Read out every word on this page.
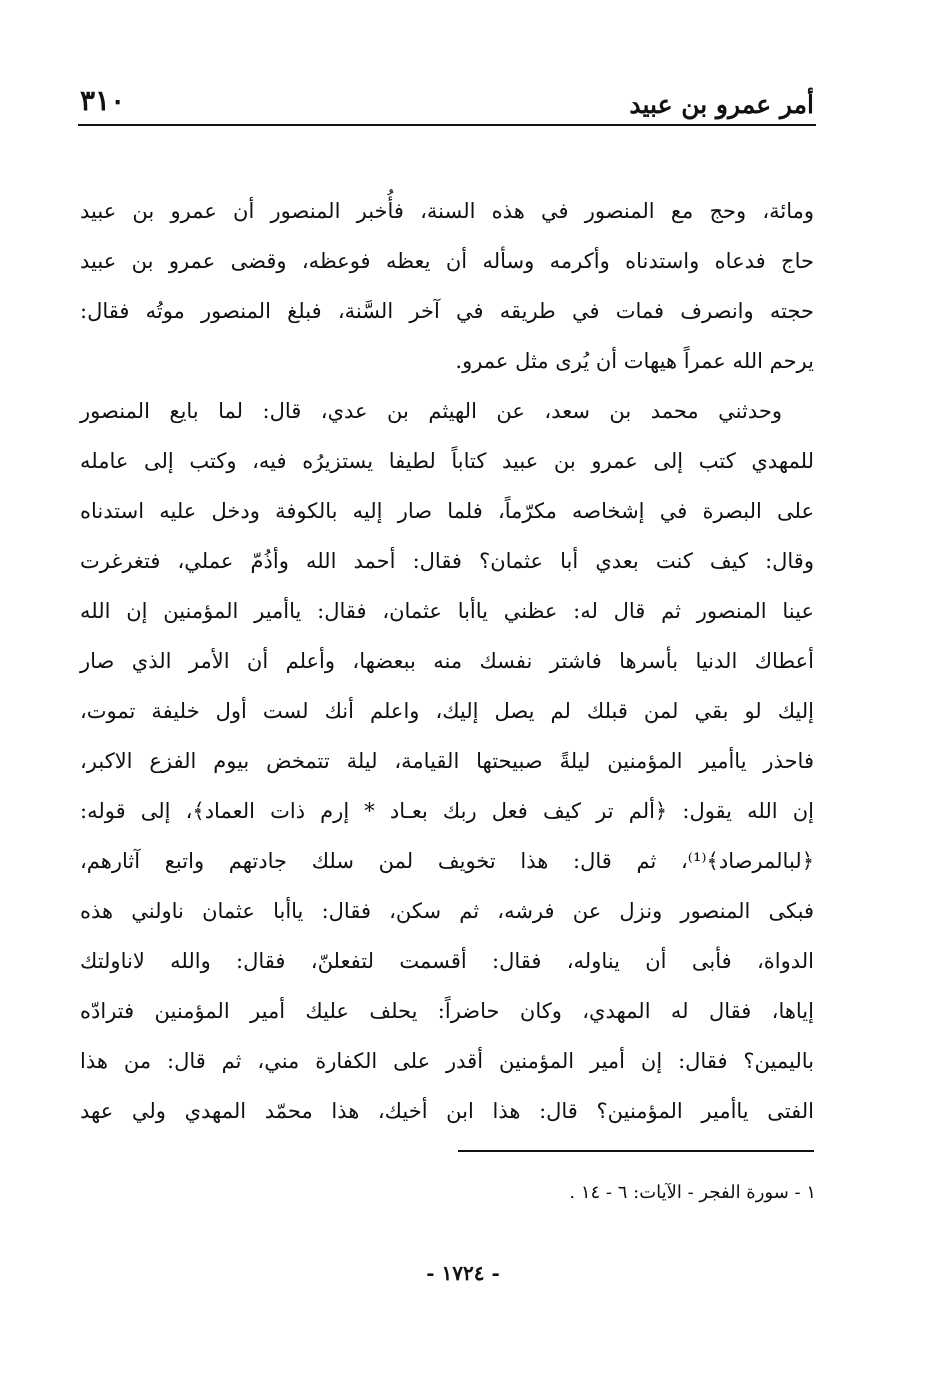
أمر عمرو بن عبيد
٣١٠
ومائة، وحج مع المنصور في هذه السنة، فأُخبر المنصور أن عمرو بن عبيد
حاج فدعاه واستدناه وأكرمه وسأله أن يعظه فوعظه، وقضى عمرو بن عبيد
حجته وانصرف فمات في طريقه في آخر السَّنة، فبلغ المنصور موتُه فقال:
يرحم الله عمراً هيهات أن يُرى مثل عمرو.
وحدثني محمد بن سعد، عن الهيثم بن عدي، قال: لما بايع المنصور
للمهدي كتب إلى عمرو بن عبيد كتاباً لطيفا يستزيرُه فيه، وكتب إلى عامله
على البصرة في إشخاصه مكرّماً، فلما صار إليه بالكوفة ودخل عليه استدناه
وقال: كيف كنت بعدي أبا عثمان؟ فقال: أحمد الله وأذُمّ عملي، فتغرغرت
عينا المنصور ثم قال له: عظني ياأبا عثمان، فقال: ياأمير المؤمنين إن الله
أعطاك الدنيا بأسرها فاشتر نفسك منه ببعضها، وأعلم أن الأمر الذي صار
إليك لو بقي لمن قبلك لم يصل إليك، واعلم أنك لست أول خليفة تموت،
فاحذر ياأمير المؤمنين ليلةً صبيحتها القيامة، ليلة تتمخض بيوم الفزع الاكبر،
إن الله يقول: ﴿ألم تر كيف فعل ربك بعـاد * إرم ذات العماد﴾، إلى قوله:
﴿لبالمرصاد﴾⁽¹⁾، ثم قال: هذا تخويف لمن سلك جادتهم واتبع آثارهم،
فبكى المنصور ونزل عن فرشه، ثم سكن، فقال: ياأبا عثمان ناولني هذه
الدواة، فأبى أن يناوله، فقال: أقسمت لتفعلنّ، فقال: والله لاناولتك
إياها، فقال له المهدي، وكان حاضراً: يحلف عليك أمير المؤمنين فترادّه
باليمين؟ فقال: إن أمير المؤمنين أقدر على الكفارة مني، ثم قال: من هذا
الفتى ياأمير المؤمنين؟ قال: هذا ابن أخيك، هذا محمّد المهدي ولي عهد
١ - سورة الفجر - الآيات: ٦ - ١٤ .
- ١٧٢٤ -
